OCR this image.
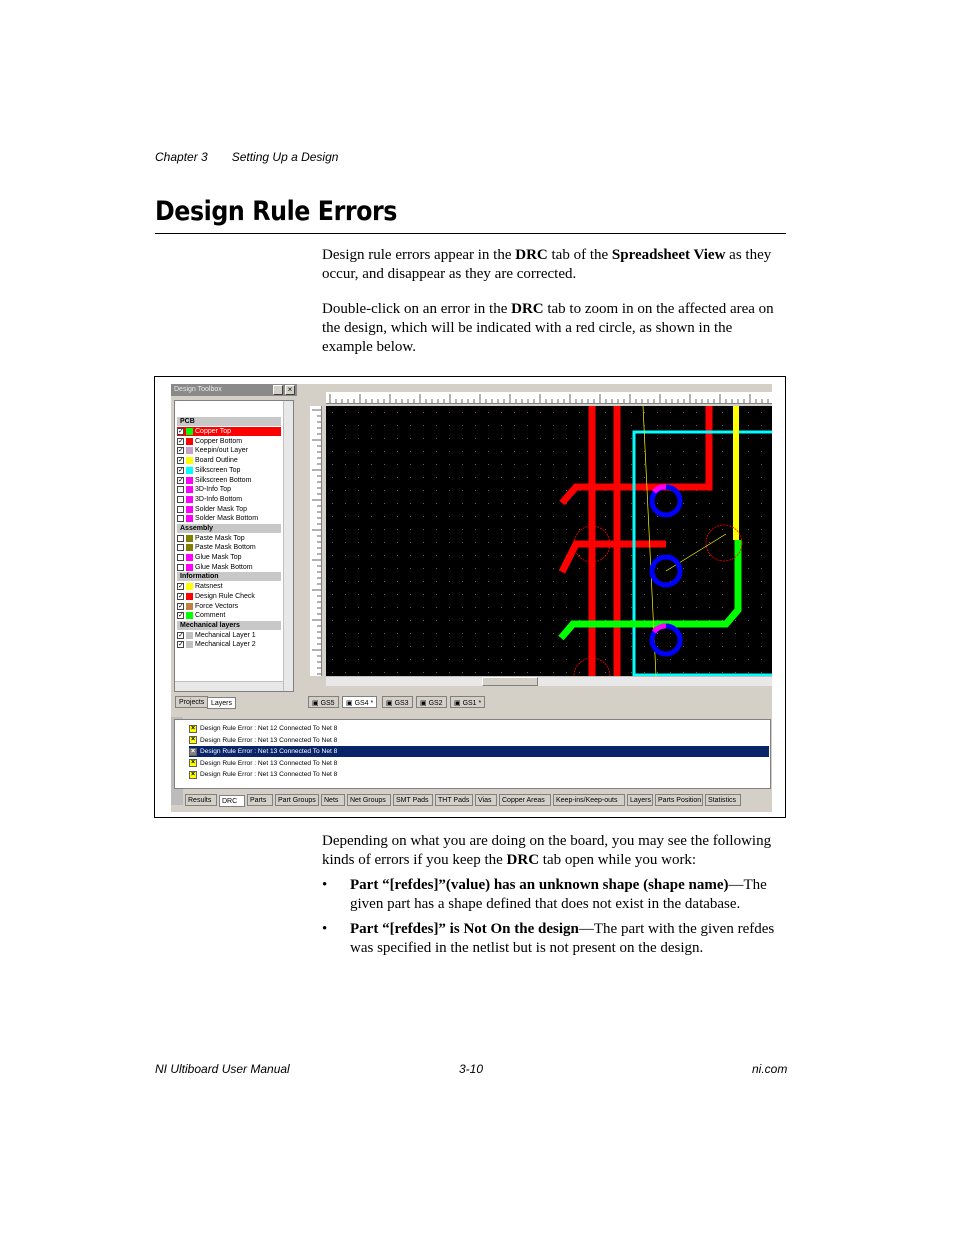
Chapter 3 Setting Up a Design
Design Rule Errors

Design rule errors appear in the DRC tab of the Spreadsheet View as they occur, and disappear as they are corrected.

Double-click on an error in the DRC tab to zoom in on the affected area on the design, which will be indicated with a red circle, as shown in the example below.

Design Toolbox	×
PCB
✓ Copper Top
✓ Copper Bottom
✓ Keepin/out Layer
✓ Board Outline
✓ Silkscreen Top
✓ Silkscreen Bottom
3D-Info Top
3D-Info Bottom
Solder Mask Top
Solder Mask Bottom
Assembly
Paste Mask Top
Paste Mask Bottom
Glue Mask Top
Glue Mask Bottom
Information
✓ Ratsnest
✓ Design Rule Check
✓ Force Vectors
✓ Comment
Mechanical layers
✓ Mechanical Layer 1
✓ Mechanical Layer 2
Projects Layers	▣ GS5	▣ GS4 *	▣ GS3	▣ GS2	▣ GS1 *
× Design Rule Error : Net 12 Connected To Net 8
× Design Rule Error : Net 13 Connected To Net 8
× Design Rule Error : Net 13 Connected To Net 8
× Design Rule Error : Net 13 Connected To Net 8
× Design Rule Error : Net 13 Connected To Net 8
Results	DRC	Parts	Part Groups	Nets	Net Groups	SMT Pads	THT Pads	Vias	Copper Areas	Keep-ins/Keep-outs	Layers Parts Position Statistics

Depending on what you are doing on the board, you may see the following kinds of errors if you keep the DRC tab open while you work:

• Part “[refdes]”(value) has an unknown shape (shape name)—The given part has a shape defined that does not exist in the database.
• Part “[refdes]” is Not On the design—The part with the given refdes was specified in the netlist but is not present on the design.
NI Ultiboard User Manual	3-10	ni.com
